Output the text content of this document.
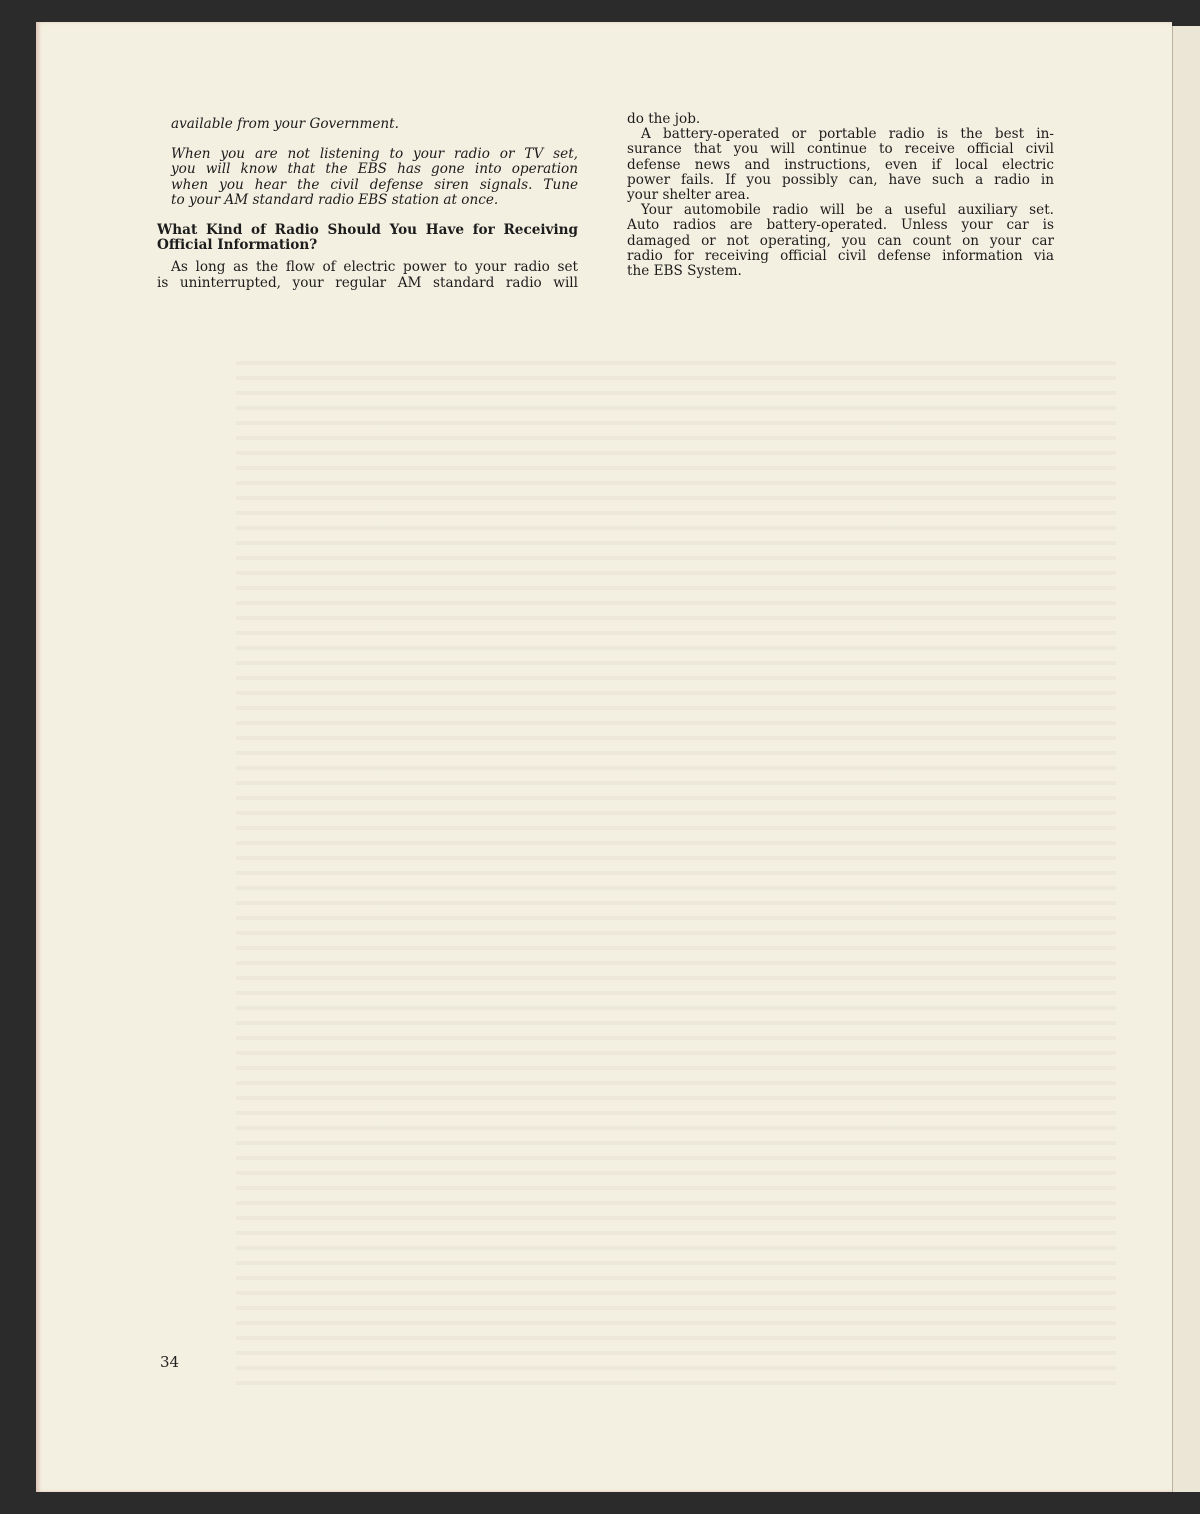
available from your Government.
When you are not listening to your radio or TV set,
you will know that the EBS has gone into operation
when you hear the civil defense siren signals. Tune
to your AM standard radio EBS station at once.
What Kind of Radio Should You Have for Receiving
Official Information?
As long as the flow of electric power to your radio set
is uninterrupted, your regular AM standard radio will
do the job.
A battery-operated or portable radio is the best in-
surance that you will continue to receive official civil
defense news and instructions, even if local electric
power fails. If you possibly can, have such a radio in
your shelter area.
Your automobile radio will be a useful auxiliary set.
Auto radios are battery-operated. Unless your car is
damaged or not operating, you can count on your car
radio for receiving official civil defense information via
the EBS System.
34
